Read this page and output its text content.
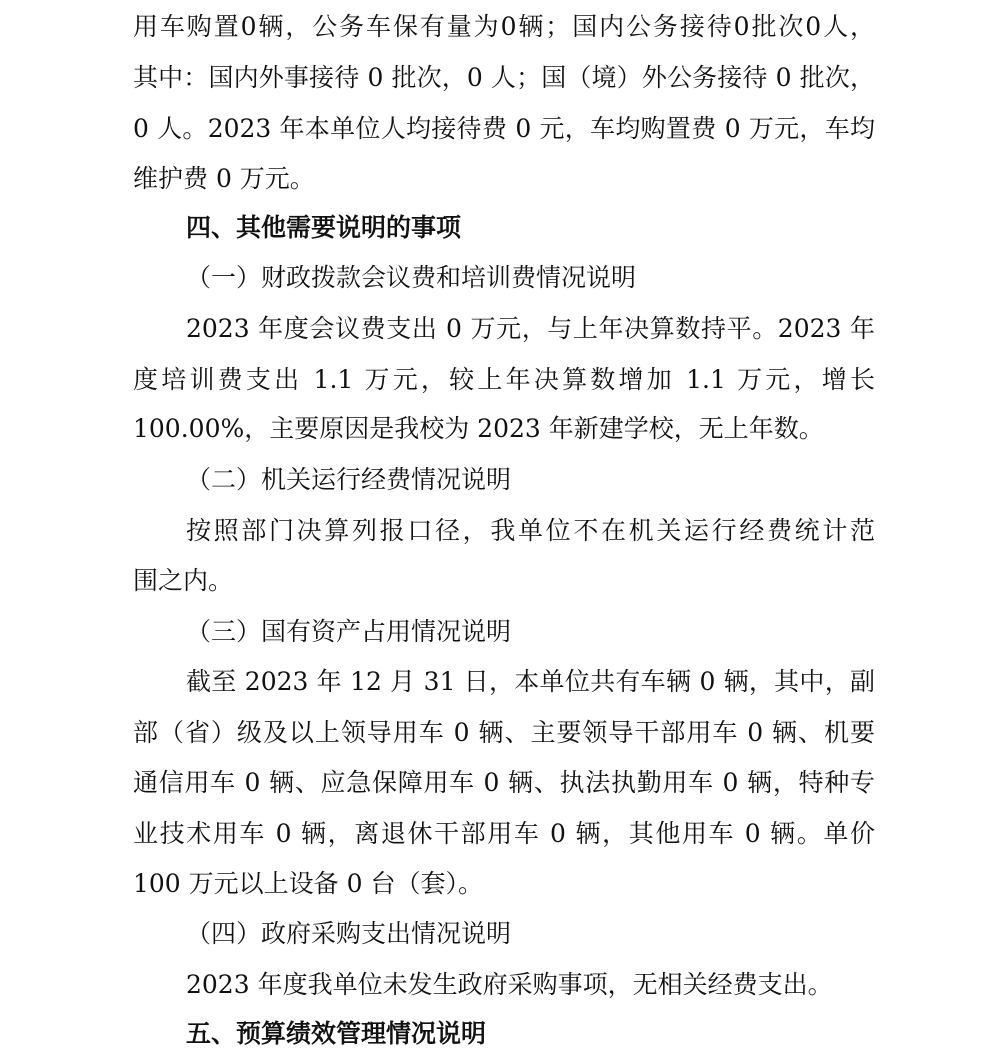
用车购置0辆，公务车保有量为0辆；国内公务接待0批次0人，
其中：国内外事接待 0 批次，0 人；国（境）外公务接待 0 批次，
0 人。2023 年本单位人均接待费 0 元，车均购置费 0 万元，车均
维护费 0 万元。
四、其他需要说明的事项
（一）财政拨款会议费和培训费情况说明
2023 年度会议费支出 0 万元，与上年决算数持平。2023 年
度培训费支出 1.1 万元，较上年决算数增加 1.1 万元，增长
100.00%，主要原因是我校为 2023 年新建学校，无上年数。
（二）机关运行经费情况说明
按照部门决算列报口径，我单位不在机关运行经费统计范
围之内。
（三）国有资产占用情况说明
截至 2023 年 12 月 31 日，本单位共有车辆 0 辆，其中，副
部（省）级及以上领导用车 0 辆、主要领导干部用车 0 辆、机要
通信用车 0 辆、应急保障用车 0 辆、执法执勤用车 0 辆，特种专
业技术用车 0 辆，离退休干部用车 0 辆，其他用车 0 辆。单价
100 万元以上设备 0 台（套）。
（四）政府采购支出情况说明
2023 年度我单位未发生政府采购事项，无相关经费支出。
五、预算绩效管理情况说明
